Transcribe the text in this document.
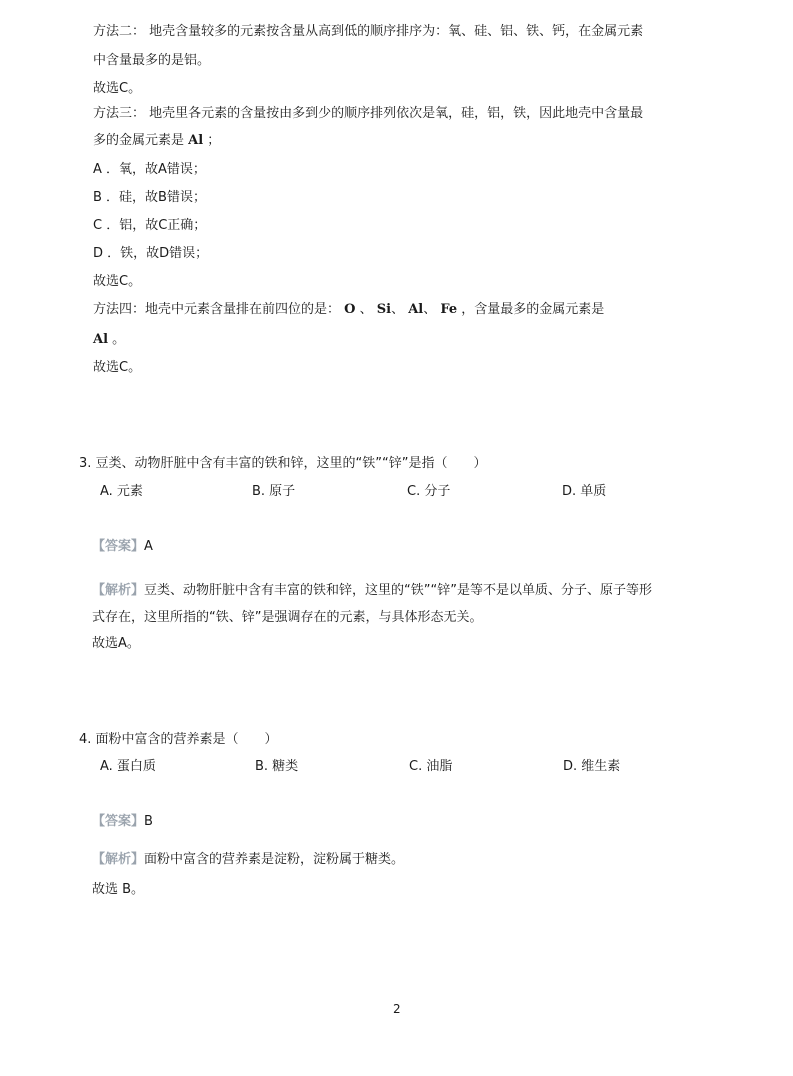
方法二： 地壳含量较多的元素按含量从高到低的顺序排序为：氧、硅、铝、铁、钙，在金属元素
中含量最多的是铝。
故选C。
方法三： 地壳里各元素的含量按由多到少的顺序排列依次是氧，硅，铝，铁，因此地壳中含量最
多的金属元素是 Al ；
A ．氧，故A错误；
B ．硅，故B错误；
C ．铝，故C正确；
D ．铁，故D错误；
故选C。
方法四：地壳中元素含量排在前四位的是： O 、 Si、 Al、 Fe ，含量最多的金属元素是
Al 。
故选C。
3. 豆类、动物肝脏中含有丰富的铁和锌，这里的“铁”“锌”是指（　　）
A. 元素	B. 原子	C. 分子	D. 单质
【答案】A
【解析】豆类、动物肝脏中含有丰富的铁和锌，这里的“铁”“锌”是等不是以单质、分子、原子等形
式存在，这里所指的“铁、锌”是强调存在的元素，与具体形态无关。
故选A。
4. 面粉中富含的营养素是（　　）
A. 蛋白质	B. 糖类	C. 油脂	D. 维生素
【答案】B
【解析】面粉中富含的营养素是淀粉，淀粉属于糖类。
故选 B。
2
